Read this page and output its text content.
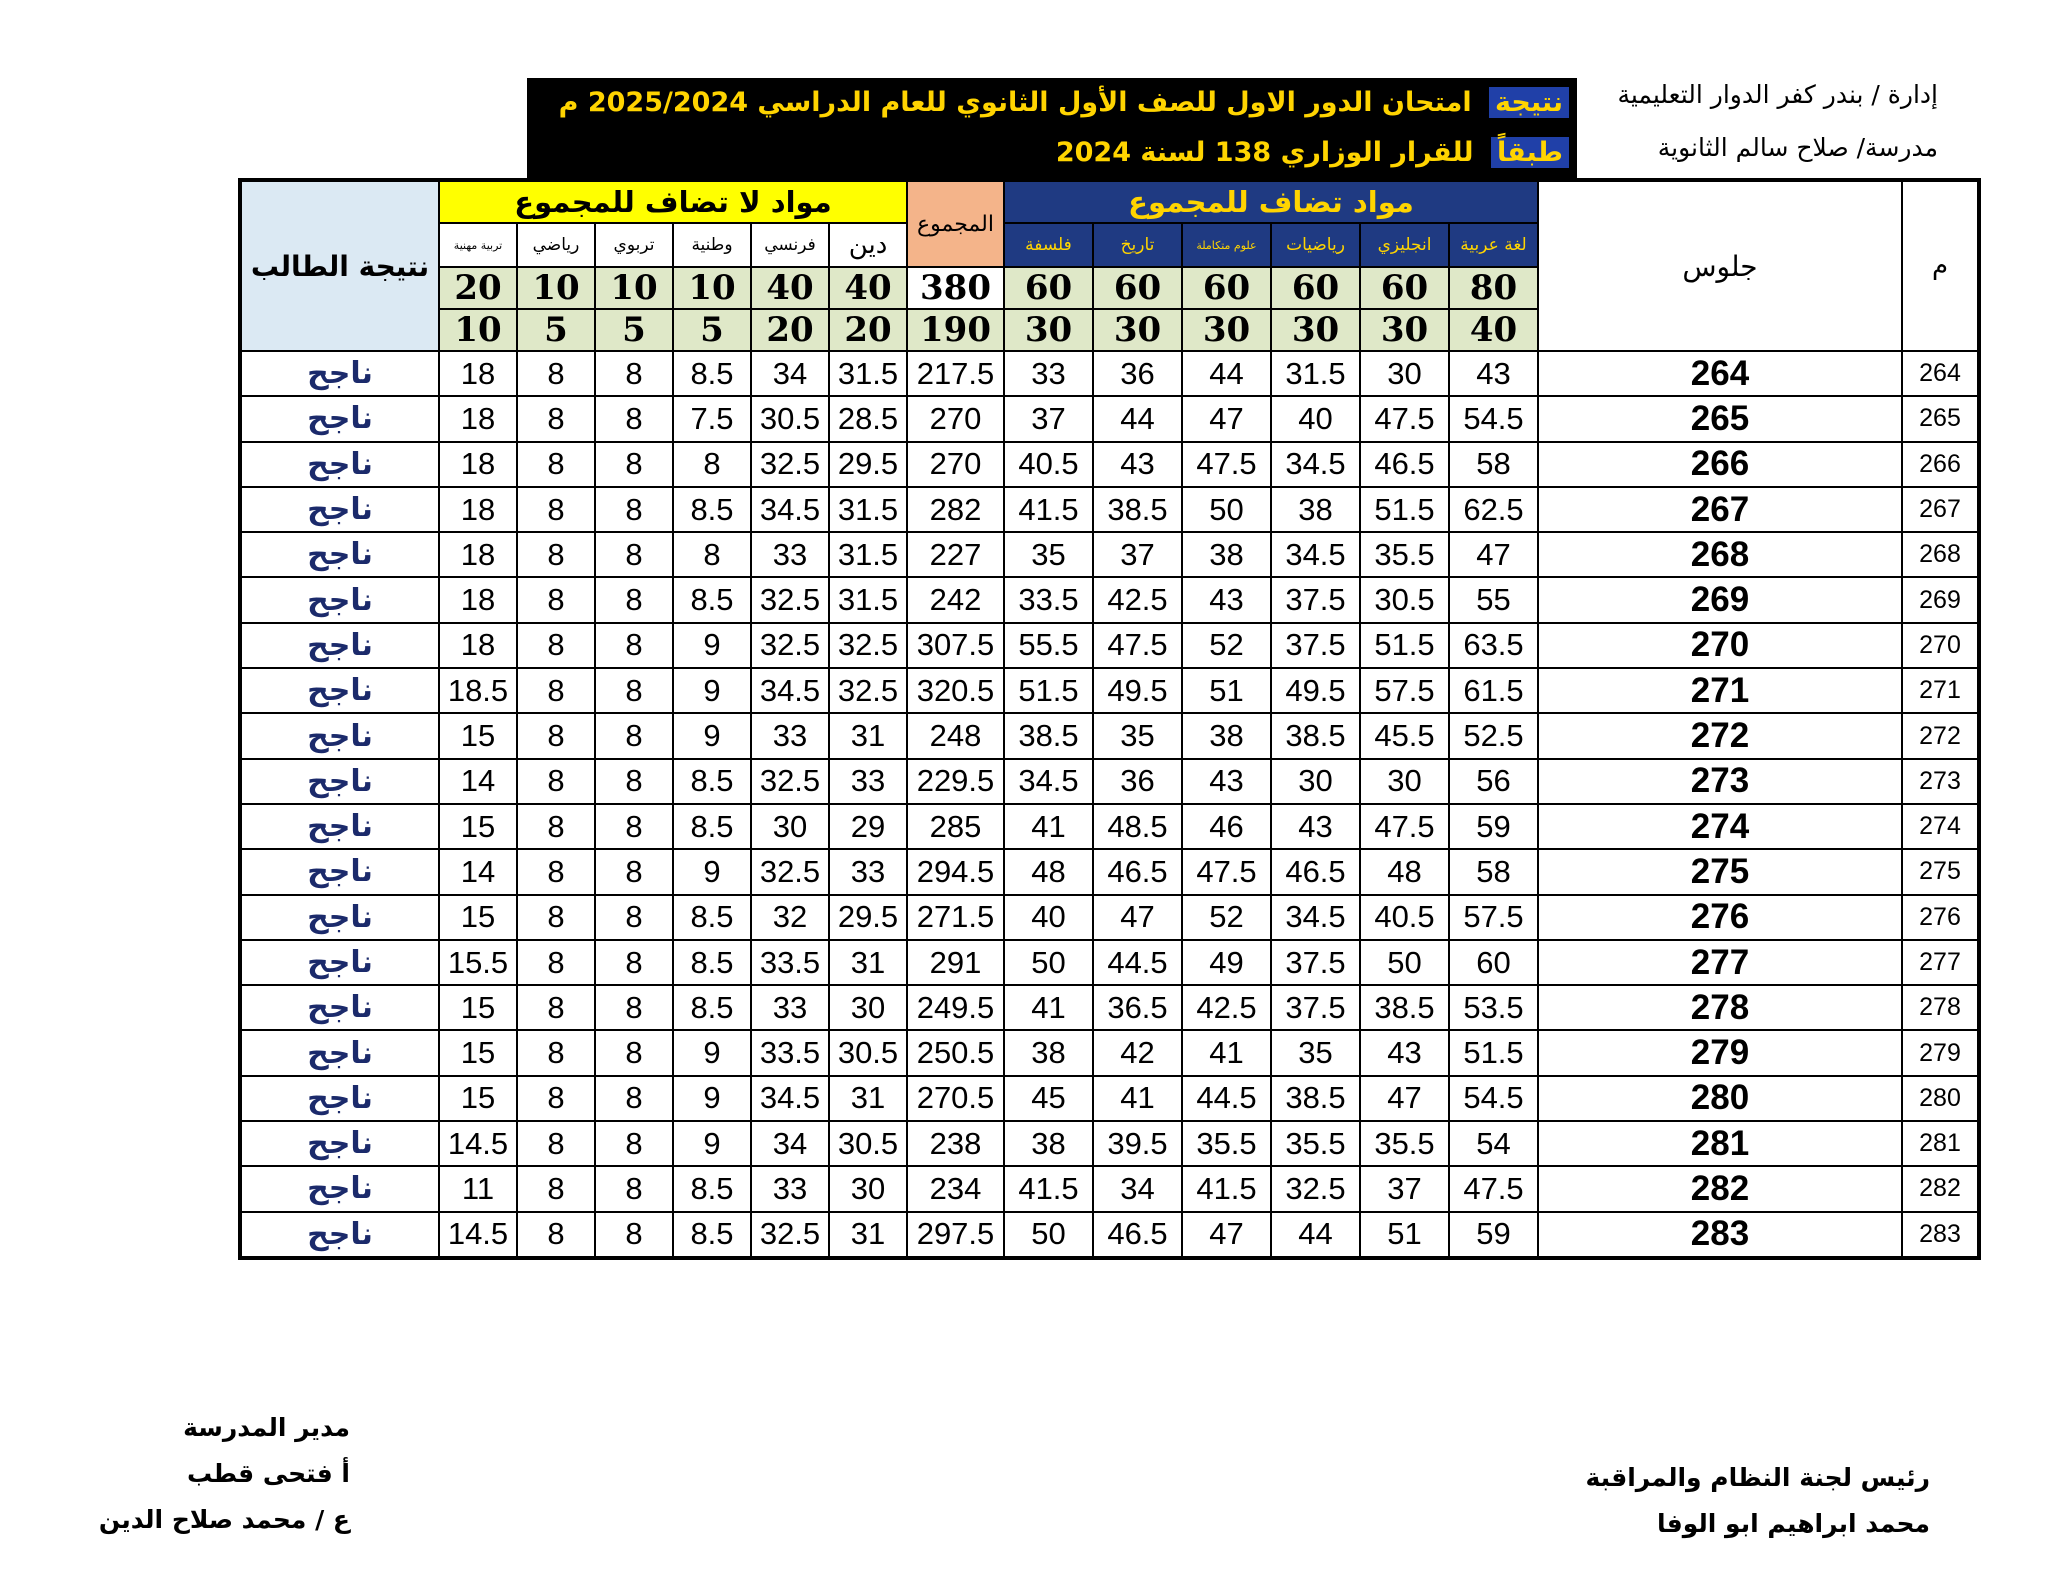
إدارة / بندر كفر الدوار التعليمية
مدرسة/ صلاح سالم الثانوية
نتيجة امتحان الدور الاول للصف الأول الثانوي للعام الدراسي 2025/2024 م
طبقاً للقرار الوزاري 138 لسنة 2024
م	جلوس	مواد تضاف للمجموع						المجموع	مواد لا تضاف للمجموع						نتيجة الطالب
		لغة عربية	انجليزي	رياضيات	علوم متكاملة	تاريخ	فلسفة		دين	فرنسي	وطنية	تربوي	رياضي	تربية مهنية	
		80	60	60	60	60	60	380	40	40	10	10	10	20	
		40	30	30	30	30	30	190	20	20	5	5	5	10	
264	264	43	30	31.5	44	36	33	217.5	31.5	34	8.5	8	8	18	ناجح
265	265	54.5	47.5	40	47	44	37	270	28.5	30.5	7.5	8	8	18	ناجح
266	266	58	46.5	34.5	47.5	43	40.5	270	29.5	32.5	8	8	8	18	ناجح
267	267	62.5	51.5	38	50	38.5	41.5	282	31.5	34.5	8.5	8	8	18	ناجح
268	268	47	35.5	34.5	38	37	35	227	31.5	33	8	8	8	18	ناجح
269	269	55	30.5	37.5	43	42.5	33.5	242	31.5	32.5	8.5	8	8	18	ناجح
270	270	63.5	51.5	37.5	52	47.5	55.5	307.5	32.5	32.5	9	8	8	18	ناجح
271	271	61.5	57.5	49.5	51	49.5	51.5	320.5	32.5	34.5	9	8	8	18.5	ناجح
272	272	52.5	45.5	38.5	38	35	38.5	248	31	33	9	8	8	15	ناجح
273	273	56	30	30	43	36	34.5	229.5	33	32.5	8.5	8	8	14	ناجح
274	274	59	47.5	43	46	48.5	41	285	29	30	8.5	8	8	15	ناجح
275	275	58	48	46.5	47.5	46.5	48	294.5	33	32.5	9	8	8	14	ناجح
276	276	57.5	40.5	34.5	52	47	40	271.5	29.5	32	8.5	8	8	15	ناجح
277	277	60	50	37.5	49	44.5	50	291	31	33.5	8.5	8	8	15.5	ناجح
278	278	53.5	38.5	37.5	42.5	36.5	41	249.5	30	33	8.5	8	8	15	ناجح
279	279	51.5	43	35	41	42	38	250.5	30.5	33.5	9	8	8	15	ناجح
280	280	54.5	47	38.5	44.5	41	45	270.5	31	34.5	9	8	8	15	ناجح
281	281	54	35.5	35.5	35.5	39.5	38	238	30.5	34	9	8	8	14.5	ناجح
282	282	47.5	37	32.5	41.5	34	41.5	234	30	33	8.5	8	8	11	ناجح
283	283	59	51	44	47	46.5	50	297.5	31	32.5	8.5	8	8	14.5	ناجح
رئيس لجنة النظام والمراقبة
محمد ابراهيم ابو الوفا
مدير المدرسة
أ فتحى قطب
ع / محمد صلاح الدين
